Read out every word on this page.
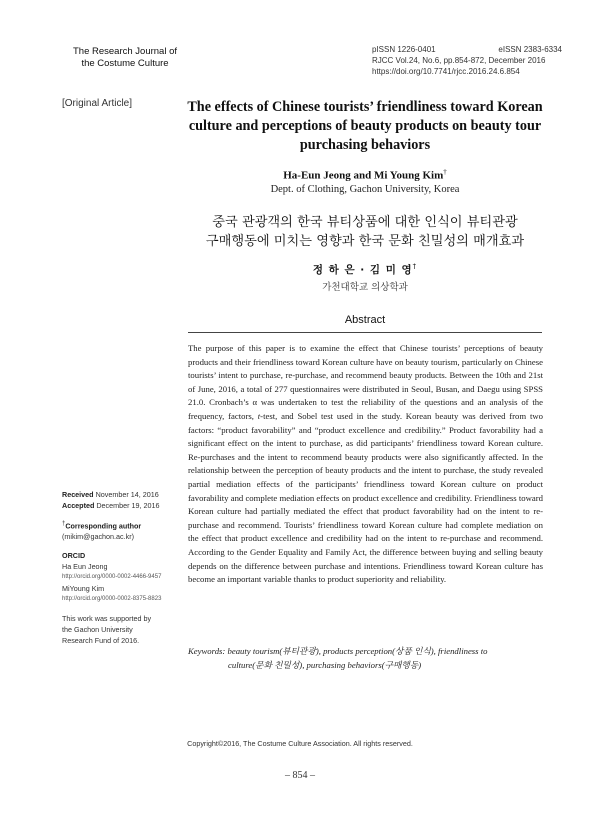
The Research Journal of
the Costume Culture
pISSN 1226-0401	eISSN 2383-6334
RJCC Vol.24, No.6, pp.854-872, December 2016
https://doi.org/10.7741/rjcc.2016.24.6.854
[Original Article]	The effects of Chinese tourists’ friendliness toward Korean culture and perceptions of beauty products on beauty tour purchasing behaviors
Ha-Eun Jeong and Mi Young Kim†
Dept. of Clothing, Gachon University, Korea
중국 관광객의 한국 뷰티상품에 대한 인식이 뷰티관광
구매행동에 미치는 영향과 한국 문화 친밀성의 매개효과
정 하 은 · 김 미 영†
가천대학교 의상학과
Abstract
The purpose of this paper is to examine the effect that Chinese tourists’ perceptions of beauty products and their friendliness toward Korean culture have on beauty tourism, particularly on Chinese tourists’ intent to purchase, re-purchase, and recommend beauty products. Between the 10th and 21st of June, 2016, a total of 277 questionnaires were distributed in Seoul, Busan, and Daegu using SPSS 21.0. Cronbach’s α was undertaken to test the reliability of the questions and an analysis of the frequency, factors, t-test, and Sobel test used in the study. Korean beauty was derived from two factors: “product favorability” and “product excellence and credibility.” Product favorability had a significant effect on the intent to purchase, as did participants’ friendliness toward Korean culture. Re-purchases and the intent to recommend beauty products were also significantly affected. In the relationship between the perception of beauty products and the intent to purchase, the study revealed partial mediation effects of the participants’ friendliness toward Korean culture on product favorability and complete mediation effects on product excellence and credibility. Friendliness toward Korean culture had partially mediated the effect that product favorability had on the intent to re-purchase and recommend. Tourists’ friendliness toward Korean culture had complete mediation on the effect that product excellence and credibility had on the intent to re-purchase and recommend. According to the Gender Equality and Family Act, the difference between buying and selling beauty depends on the difference between purchase and intentions. Friendliness toward Korean culture has become an important variable thanks to product superiority and reliability.
Keywords: beauty tourism(뷰티관광), products perception(상품 인식), friendliness to
culture(문화 친밀성), purchasing behaviors(구매행동)
Received November 14, 2016
Accepted December 19, 2016
†Corresponding author
(mikim@gachon.ac.kr)
ORCID
Ha Eun Jeong
http://orcid.org/0000-0002-4466-9457
MiYoung Kim
http://orcid.org/0000-0002-8375-8823
This work was supported by
the Gachon University
Research Fund of 2016.
Copyright©2016, The Costume Culture Association. All rights reserved.
– 854 –
